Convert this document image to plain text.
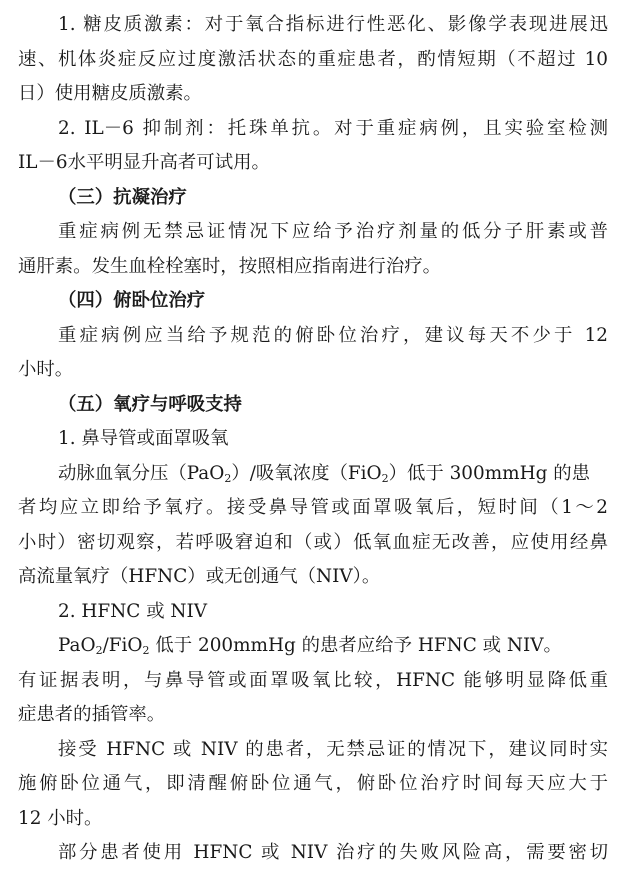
1. 糖皮质激素：对于氧合指标进行性恶化、影像学表现进展迅
速、机体炎症反应过度激活状态的重症患者，酌情短期（不超过 10
日）使用糖皮质激素。
2. IL－6 抑制剂：托珠单抗。对于重症病例，且实验室检测
IL－6水平明显升高者可试用。
（三）抗凝治疗
重症病例无禁忌证情况下应给予治疗剂量的低分子肝素或普
通肝素。发生血栓栓塞时，按照相应指南进行治疗。
（四）俯卧位治疗
重症病例应当给予规范的俯卧位治疗，建议每天不少于 12
小时。
（五）氧疗与呼吸支持
1. 鼻导管或面罩吸氧
动脉血氧分压（PaO$_2$）/吸氧浓度（FiO$_2$）低于 300mmHg 的患
者均应立即给予氧疗。接受鼻导管或面罩吸氧后，短时间（1～2
小时）密切观察，若呼吸窘迫和（或）低氧血症无改善，应使用经鼻
高流量氧疗（HFNC）或无创通气（NIV）。
2. HFNC 或 NIV
PaO$_2$/FiO$_2$ 低于 200mmHg 的患者应给予 HFNC 或 NIV。
有证据表明，与鼻导管或面罩吸氧比较，HFNC 能够明显降低重
症患者的插管率。
接受 HFNC 或 NIV 的患者，无禁忌证的情况下，建议同时实
施俯卧位通气，即清醒俯卧位通气，俯卧位治疗时间每天应大于
12 小时。
部分患者使用 HFNC 或 NIV 治疗的失败风险高，需要密切
